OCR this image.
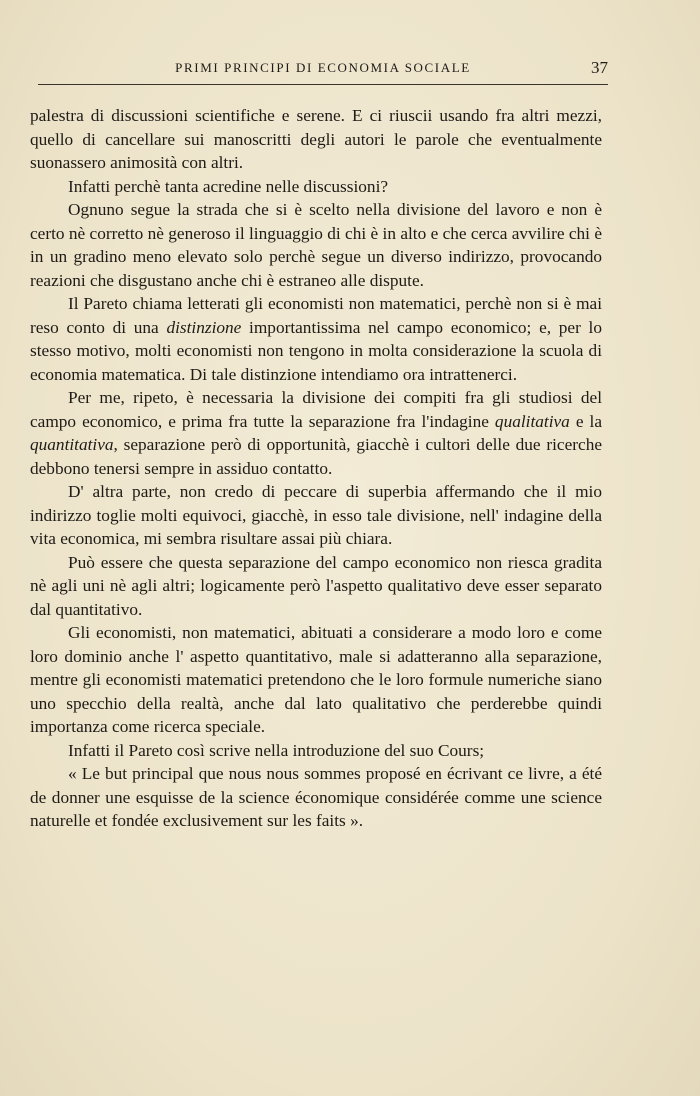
PRIMI PRINCIPI DI ECONOMIA SOCIALE	37

palestra di discussioni scientifiche e serene. E ci riuscii usando fra altri mezzi, quello di cancellare sui manoscritti degli autori le parole che eventualmente suonassero animosità con altri.

Infatti perchè tanta acredine nelle discussioni?

Ognuno segue la strada che si è scelto nella divisione del lavoro e non è certo nè corretto nè generoso il linguaggio di chi è in alto e che cerca avvilire chi è in un gradino meno elevato solo perchè segue un diverso indirizzo, provocando reazioni che disgustano anche chi è estraneo alle dispute.

Il Pareto chiama letterati gli economisti non matematici, perchè non si è mai reso conto di una distinzione importantissima nel campo economico; e, per lo stesso motivo, molti economisti non tengono in molta considerazione la scuola di economia matematica. Di tale distinzione intendiamo ora intrattenerci.

Per me, ripeto, è necessaria la divisione dei compiti fra gli studiosi del campo economico, e prima fra tutte la separazione fra l'indagine qualitativa e la quantitativa, separazione però di opportunità, giacchè i cultori delle due ricerche debbono tenersi sempre in assiduo contatto.

D' altra parte, non credo di peccare di superbia affermando che il mio indirizzo toglie molti equivoci, giacchè, in esso tale divisione, nell' indagine della vita economica, mi sembra risultare assai più chiara.

Può essere che questa separazione del campo economico non riesca gradita nè agli uni nè agli altri; logicamente però l'aspetto qualitativo deve esser separato dal quantitativo.

Gli economisti, non matematici, abituati a considerare a modo loro e come loro dominio anche l' aspetto quantitativo, male si adatteranno alla separazione, mentre gli economisti matematici pretendono che le loro formule numeriche siano uno specchio della realtà, anche dal lato qualitativo che perderebbe quindi importanza come ricerca speciale.

Infatti il Pareto così scrive nella introduzione del suo Cours;

« Le but principal que nous nous sommes proposé en écrivant ce livre, a été de donner une esquisse de la science économique considérée comme une science naturelle et fondée exclusivement sur les faits ».
